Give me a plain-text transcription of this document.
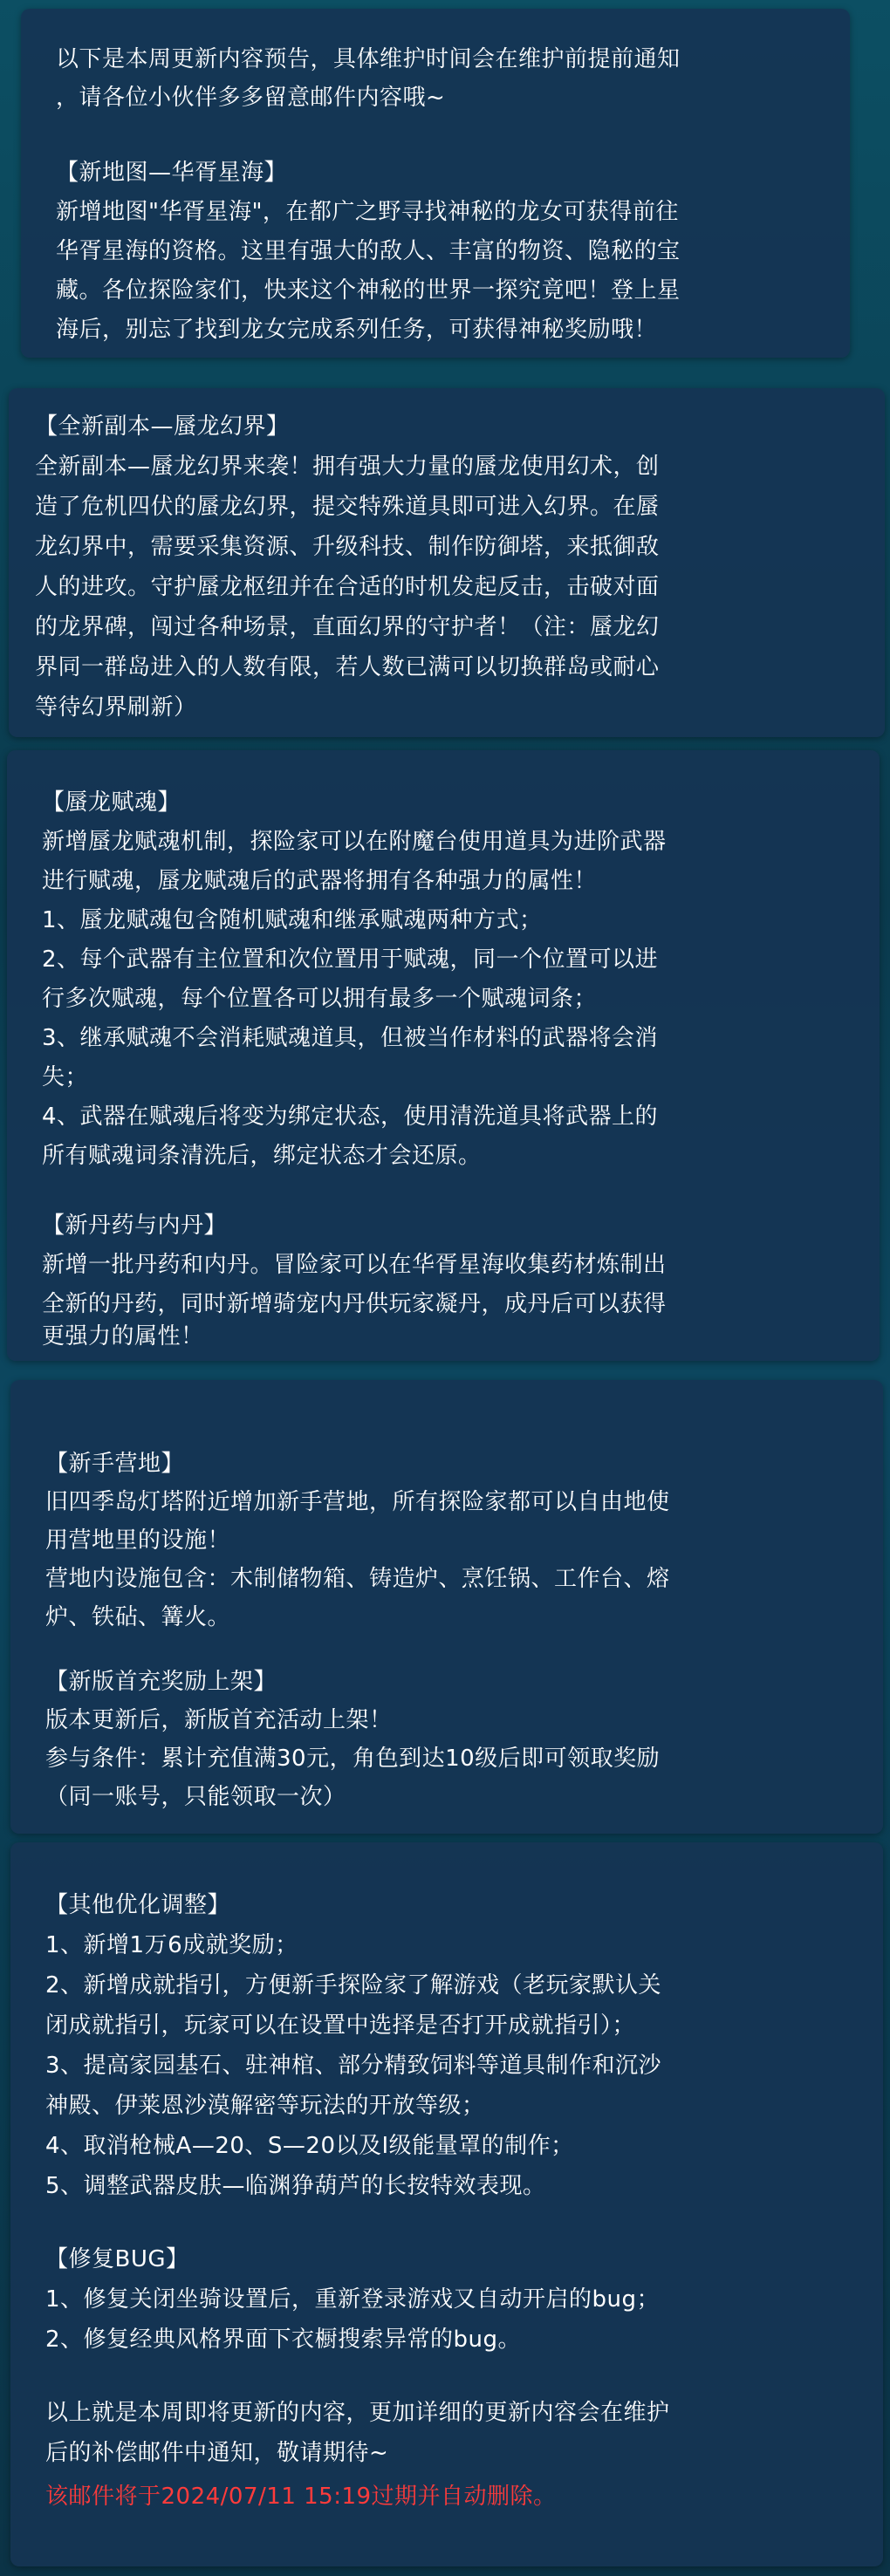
以下是本周更新内容预告，具体维护时间会在维护前提前通知
，请各位小伙伴多多留意邮件内容哦~
【新地图—华胥星海】
新增地图"华胥星海"，在都广之野寻找神秘的龙女可获得前往
华胥星海的资格。这里有强大的敌人、丰富的物资、隐秘的宝
藏。各位探险家们，快来这个神秘的世界一探究竟吧！登上星
海后，别忘了找到龙女完成系列任务，可获得神秘奖励哦！
【全新副本—蜃龙幻界】
全新副本—蜃龙幻界来袭！拥有强大力量的蜃龙使用幻术，创
造了危机四伏的蜃龙幻界，提交特殊道具即可进入幻界。在蜃
龙幻界中，需要采集资源、升级科技、制作防御塔，来抵御敌
人的进攻。守护蜃龙枢纽并在合适的时机发起反击，击破对面
的龙界碑，闯过各种场景，直面幻界的守护者！（注：蜃龙幻
界同一群岛进入的人数有限，若人数已满可以切换群岛或耐心
等待幻界刷新）
【蜃龙赋魂】
新增蜃龙赋魂机制，探险家可以在附魔台使用道具为进阶武器
进行赋魂，蜃龙赋魂后的武器将拥有各种强力的属性！
1、蜃龙赋魂包含随机赋魂和继承赋魂两种方式；
2、每个武器有主位置和次位置用于赋魂，同一个位置可以进
行多次赋魂，每个位置各可以拥有最多一个赋魂词条；
3、继承赋魂不会消耗赋魂道具，但被当作材料的武器将会消
失；
4、武器在赋魂后将变为绑定状态，使用清洗道具将武器上的
所有赋魂词条清洗后，绑定状态才会还原。
【新丹药与内丹】
新增一批丹药和内丹。冒险家可以在华胥星海收集药材炼制出
全新的丹药，同时新增骑宠内丹供玩家凝丹，成丹后可以获得
更强力的属性！
【新手营地】
旧四季岛灯塔附近增加新手营地，所有探险家都可以自由地使
用营地里的设施！
营地内设施包含：木制储物箱、铸造炉、烹饪锅、工作台、熔
炉、铁砧、篝火。
【新版首充奖励上架】
版本更新后，新版首充活动上架！
参与条件：累计充值满30元，角色到达10级后即可领取奖励
（同一账号，只能领取一次）
【其他优化调整】
1、新增1万6成就奖励；
2、新增成就指引，方便新手探险家了解游戏（老玩家默认关
闭成就指引，玩家可以在设置中选择是否打开成就指引）；
3、提高家园基石、驻神棺、部分精致饲料等道具制作和沉沙
神殿、伊莱恩沙漠解密等玩法的开放等级；
4、取消枪械A—20、S—20以及Ⅰ级能量罩的制作；
5、调整武器皮肤—临渊狰葫芦的长按特效表现。
【修复BUG】
1、修复关闭坐骑设置后，重新登录游戏又自动开启的bug；
2、修复经典风格界面下衣橱搜索异常的bug。
以上就是本周即将更新的内容，更加详细的更新内容会在维护
后的补偿邮件中通知，敬请期待~
该邮件将于2024/07/11 15:19过期并自动删除。
